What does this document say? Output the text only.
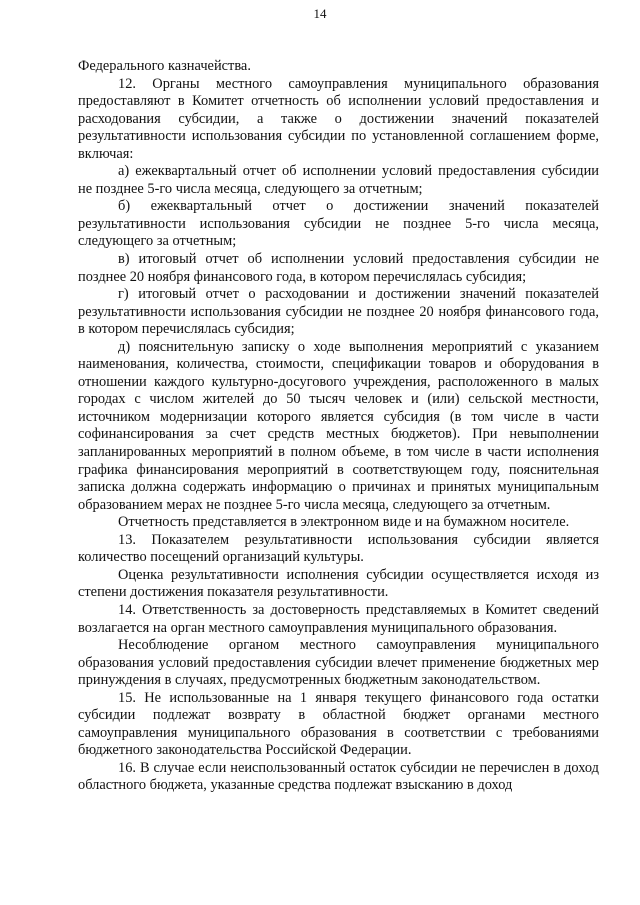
14

Федерального казначейства.

12. Органы местного самоуправления муниципального образования предоставляют в Комитет отчетность об исполнении условий предоставления и расходования субсидии, а также о достижении значений показателей результативности использования субсидии по установленной соглашением форме, включая:

а) ежеквартальный отчет об исполнении условий предоставления субсидии не позднее 5-го числа месяца, следующего за отчетным;

б) ежеквартальный отчет о достижении значений показателей результативности использования субсидии не позднее 5-го числа месяца, следующего за отчетным;

в) итоговый отчет об исполнении условий предоставления субсидии не позднее 20 ноября финансового года, в котором перечислялась субсидия;

г) итоговый отчет о расходовании и достижении значений показателей результативности использования субсидии не позднее 20 ноября финансового года, в котором перечислялась субсидия;

д) пояснительную записку о ходе выполнения мероприятий с указанием наименования, количества, стоимости, спецификации товаров и оборудования в отношении каждого культурно-досугового учреждения, расположенного в малых городах с числом жителей до 50 тысяч человек и (или) сельской местности, источником модернизации которого является субсидия (в том числе в части софинансирования за счет средств местных бюджетов). При невыполнении запланированных мероприятий в полном объеме, в том числе в части исполнения графика финансирования мероприятий в соответствующем году, пояснительная записка должна содержать информацию о причинах и принятых муниципальным образованием мерах не позднее 5-го числа месяца, следующего за отчетным.

Отчетность представляется в электронном виде и на бумажном носителе.

13. Показателем результативности использования субсидии является количество посещений организаций культуры.

Оценка результативности исполнения субсидии осуществляется исходя из степени достижения показателя результативности.

14. Ответственность за достоверность представляемых в Комитет сведений возлагается на орган местного самоуправления муниципального образования.

Несоблюдение органом местного самоуправления муниципального образования условий предоставления субсидии влечет применение бюджетных мер принуждения в случаях, предусмотренных бюджетным законодательством.

15. Не использованные на 1 января текущего финансового года остатки субсидии подлежат возврату в областной бюджет органами местного самоуправления муниципального образования в соответствии с требованиями бюджетного законодательства Российской Федерации.

16. В случае если неиспользованный остаток субсидии не перечислен в доход областного бюджета, указанные средства подлежат взысканию в доход
